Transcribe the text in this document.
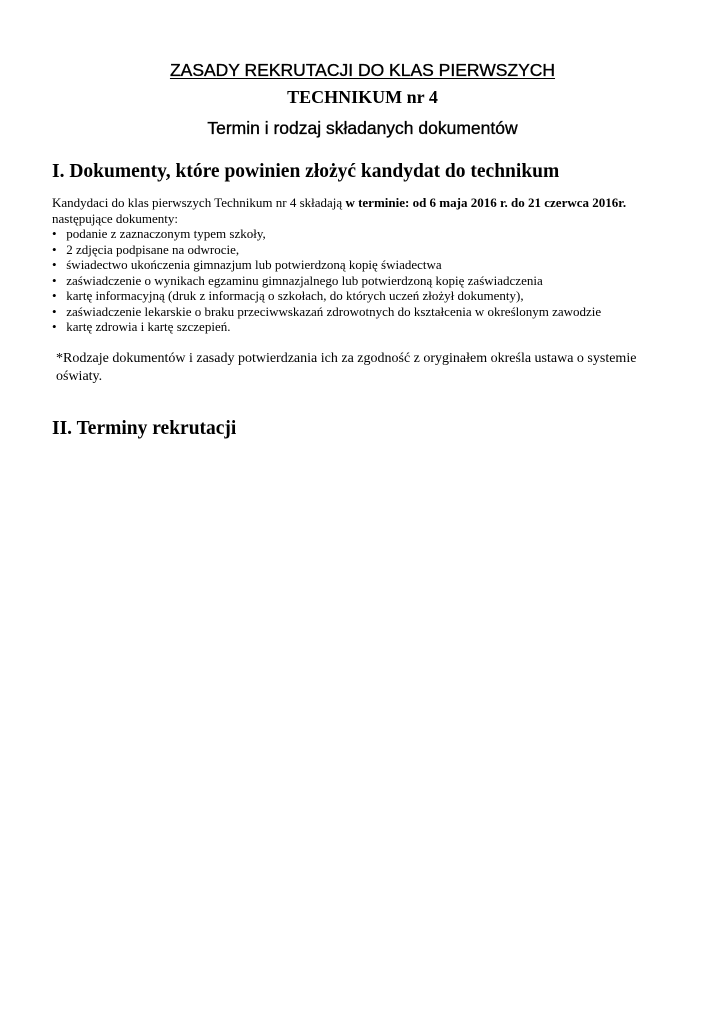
ZASADY REKRUTACJI DO KLAS PIERWSZYCH
TECHNIKUM nr 4
Termin i rodzaj składanych dokumentów
I. Dokumenty, które powinien złożyć kandydat do technikum
Kandydaci do klas pierwszych Technikum nr 4 składają w terminie: od 6 maja 2016 r. do 21 czerwca 2016r.
następujące dokumenty:
• podanie z zaznaczonym typem szkoły,
• 2 zdjęcia podpisane na odwrocie,
• świadectwo ukończenia gimnazjum lub potwierdzoną kopię świadectwa
• zaświadczenie o wynikach egzaminu gimnazjalnego lub potwierdzoną kopię zaświadczenia
• kartę informacyjną (druk z informacją o szkołach, do których uczeń złożył dokumenty),
• zaświadczenie lekarskie o braku przeciwwskazań zdrowotnych do kształcenia w określonym zawodzie
• kartę zdrowia i kartę szczepień.
*Rodzaje dokumentów i zasady potwierdzania ich za zgodność z oryginałem określa ustawa o systemie oświaty.
II. Terminy rekrutacji
